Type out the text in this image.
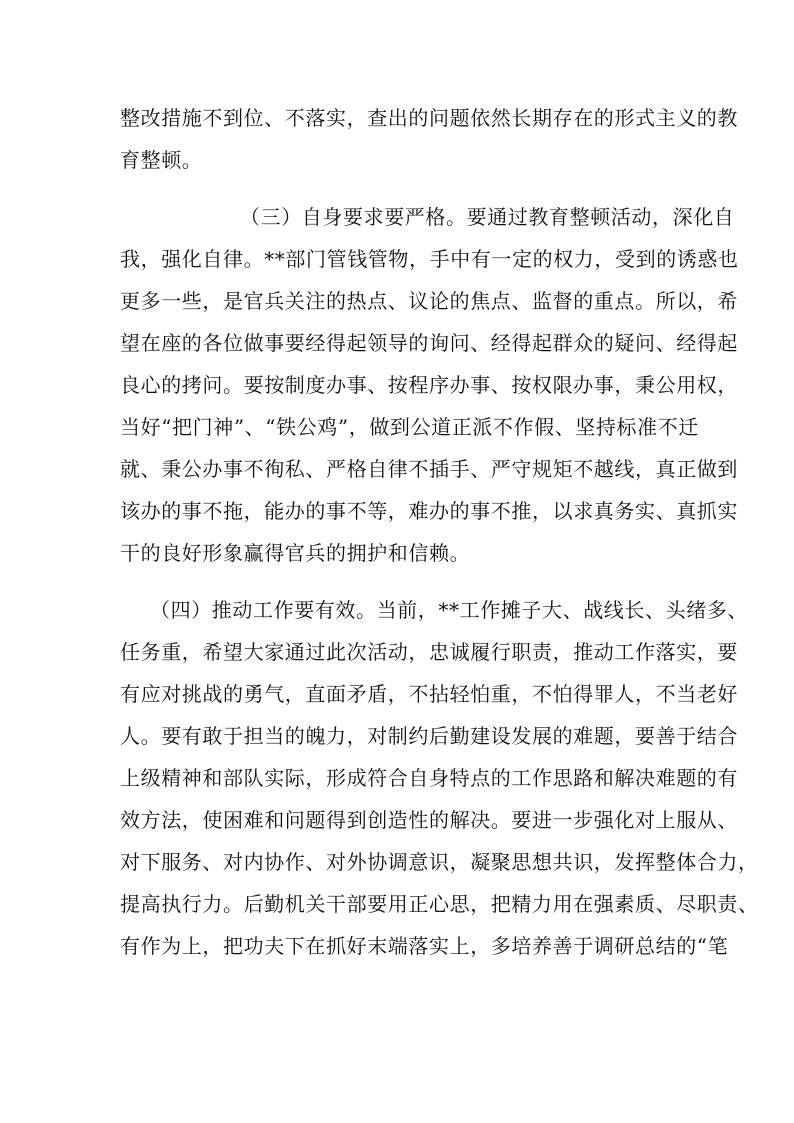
整改措施不到位、不落实，查出的问题依然长期存在的形式主义的教
育整顿。
（三）自身要求要严格。要通过教育整顿活动，深化自
我，强化自律。**部门管钱管物，手中有一定的权力，受到的诱惑也
更多一些，是官兵关注的热点、议论的焦点、监督的重点。所以，希
望在座的各位做事要经得起领导的询问、经得起群众的疑问、经得起
良心的拷问。要按制度办事、按程序办事、按权限办事，秉公用权，
当好“把门神”、“铁公鸡”，做到公道正派不作假、坚持标准不迁
就、秉公办事不徇私、严格自律不插手、严守规矩不越线，真正做到
该办的事不拖，能办的事不等，难办的事不推，以求真务实、真抓实
干的良好形象赢得官兵的拥护和信赖。
（四）推动工作要有效。当前，**工作摊子大、战线长、头绪多、
任务重，希望大家通过此次活动，忠诚履行职责，推动工作落实，要
有应对挑战的勇气，直面矛盾，不拈轻怕重，不怕得罪人，不当老好
人。要有敢于担当的魄力，对制约后勤建设发展的难题，要善于结合
上级精神和部队实际，形成符合自身特点的工作思路和解决难题的有
效方法，使困难和问题得到创造性的解决。要进一步强化对上服从、
对下服务、对内协作、对外协调意识，凝聚思想共识，发挥整体合力，
提高执行力。后勤机关干部要用正心思，把精力用在强素质、尽职责、
有作为上，把功夫下在抓好末端落实上，多培养善于调研总结的“笔
